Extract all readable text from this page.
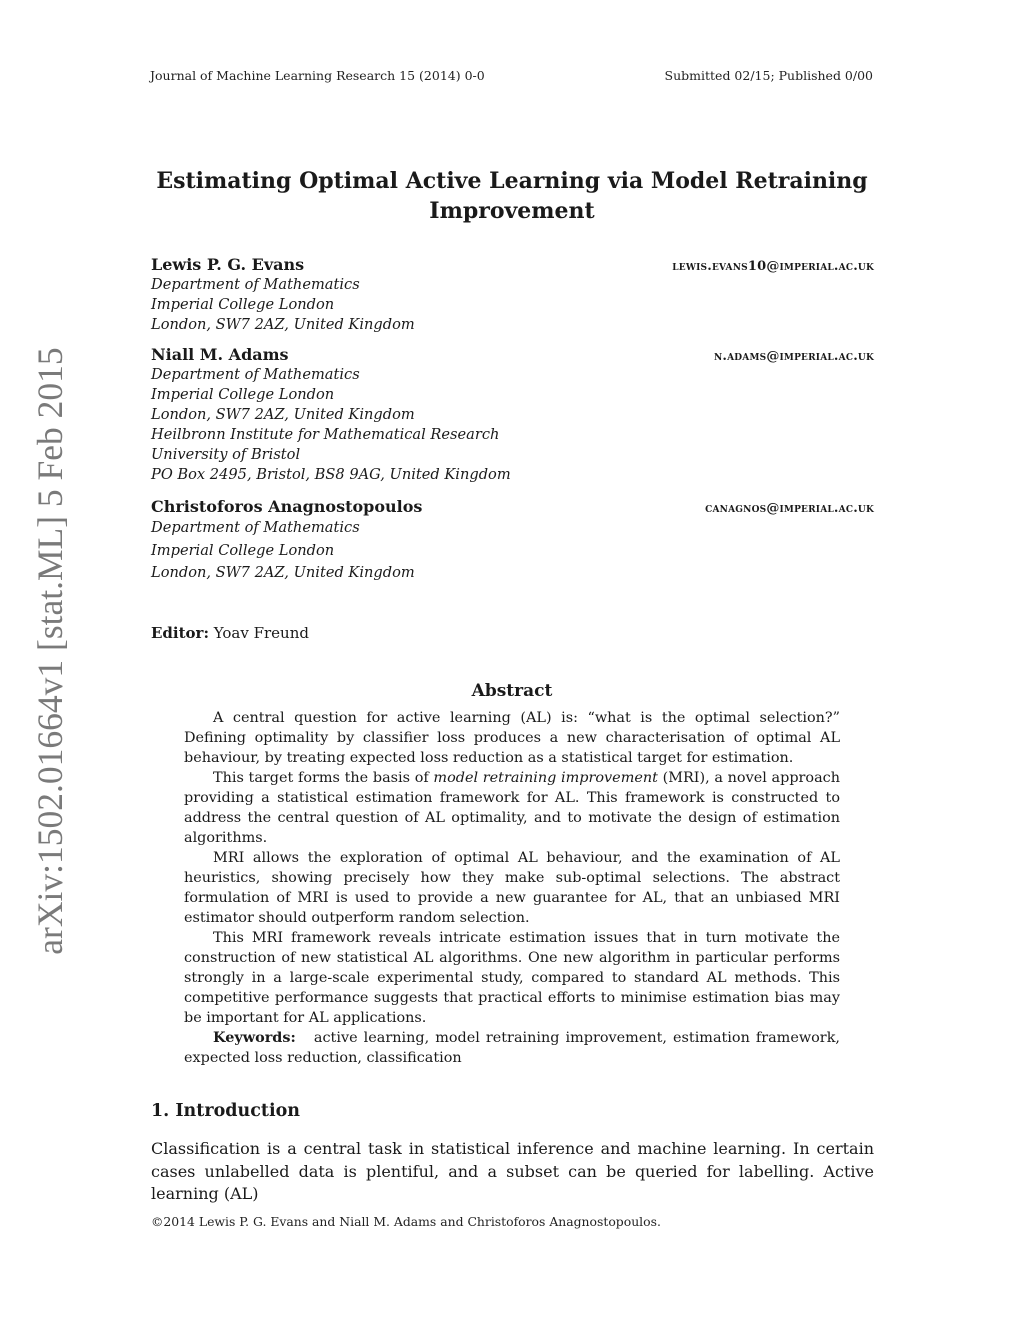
Journal of Machine Learning Research 15 (2014) 0-0	Submitted 02/15; Published 0/00
arXiv:1502.01664v1 [stat.ML] 5 Feb 2015
Estimating Optimal Active Learning via Model Retraining
Improvement
Lewis P. G. Evans	lewis.evans10@imperial.ac.uk
Department of Mathematics
Imperial College London
London, SW7 2AZ, United Kingdom
Niall M. Adams	n.adams@imperial.ac.uk
Department of Mathematics
Imperial College London
London, SW7 2AZ, United Kingdom
Heilbronn Institute for Mathematical Research
University of Bristol
PO Box 2495, Bristol, BS8 9AG, United Kingdom
Christoforos Anagnostopoulos	canagnos@imperial.ac.uk
Department of Mathematics
Imperial College London
London, SW7 2AZ, United Kingdom
Editor: Yoav Freund
Abstract

A central question for active learning (AL) is: “what is the optimal selection?” Defining optimality by classifier loss produces a new characterisation of optimal AL behaviour, by treating expected loss reduction as a statistical target for estimation.

This target forms the basis of model retraining improvement (MRI), a novel approach providing a statistical estimation framework for AL. This framework is constructed to address the central question of AL optimality, and to motivate the design of estimation algorithms.

MRI allows the exploration of optimal AL behaviour, and the examination of AL heuristics, showing precisely how they make sub-optimal selections. The abstract formulation of MRI is used to provide a new guarantee for AL, that an unbiased MRI estimator should outperform random selection.

This MRI framework reveals intricate estimation issues that in turn motivate the construction of new statistical AL algorithms. One new algorithm in particular performs strongly in a large-scale experimental study, compared to standard AL methods. This competitive performance suggests that practical efforts to minimise estimation bias may be important for AL applications.

Keywords: active learning, model retraining improvement, estimation framework, expected loss reduction, classification

1. Introduction

Classification is a central task in statistical inference and machine learning. In certain cases unlabelled data is plentiful, and a subset can be queried for labelling. Active learning (AL)

©2014 Lewis P. G. Evans and Niall M. Adams and Christoforos Anagnostopoulos.
